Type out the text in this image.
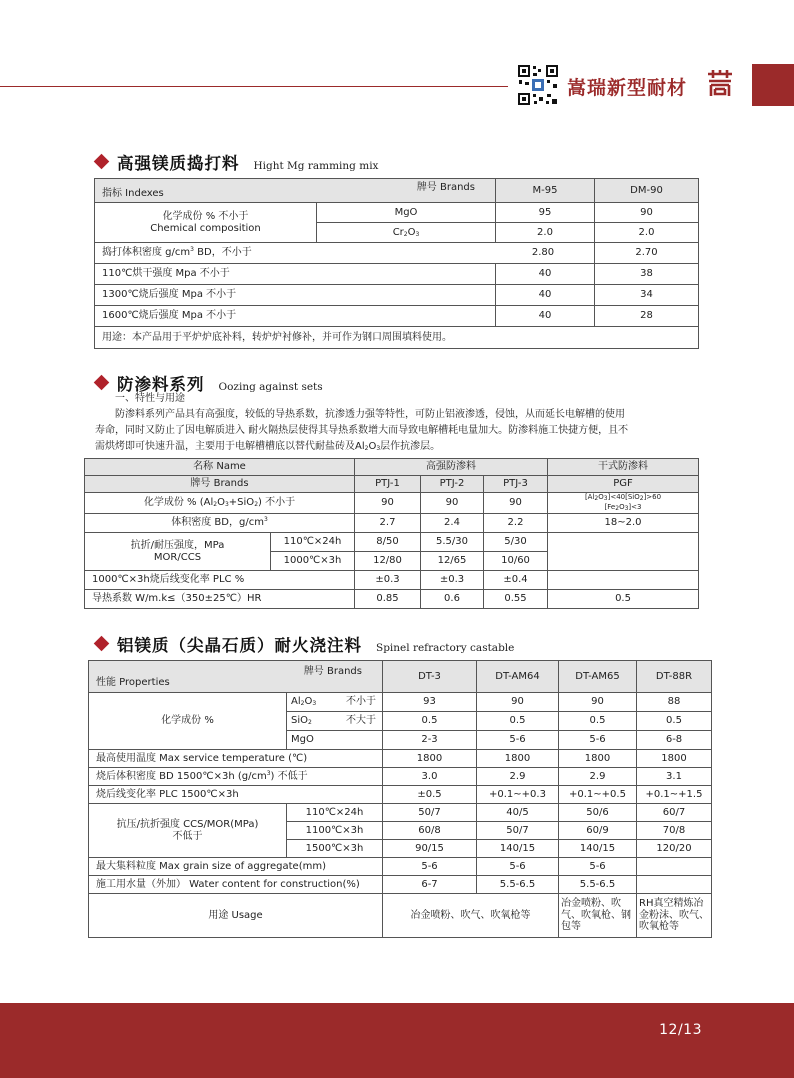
嵩瑞新型耐材
高强镁质捣打料 Hight Mg ramming mix
牌号 Brands
指标 Indexes		M-95	DM-90

化学成份 % 不小于
Chemical composition	MgO	95	90
	Cr2O3	2.0	2.0
捣打体积密度 $g/cm^3$ BD，不小于 2.80			2.70
110℃烘干强度 Mpa 不小于		40	38
1300℃烧后强度 Mpa 不小于		40	34
1600℃烧后强度 Mpa 不小于		40	28
用途：本产品用于平炉炉底补料，转炉炉衬修补，并可作为钢口周围填料使用。			
防渗料系列 Oozing against sets
一、特性与用途

防渗料系列产品具有高强度，较低的导热系数，抗渗透力强等特性，可防止铝液渗透，侵蚀，从而延长电解槽的使用

寿命，同时又防止了因电解质进入 耐火隔热层使得其导热系数增大而导致电解槽耗电量加大。防渗料施工快捷方便，且不
需烘烤即可快速升温，主要用于电解槽槽底以替代耐盐砖及Al2O3层作抗渗层。
名称 Name		高强防渗料			干式防渗料
牌号 Brands		PTJ-1	PTJ-2	PTJ-3	PGF
化学成份 % (Al2O3+SiO2) 不小于		90	90	90	[Al2O3]<40[SiO2]>60
[Fe2O3]<3

体积密度 BD，$g/cm^3$		2.7	2.4	2.2	18~2.0

抗折/耐压强度，MPa
MOR/CCS	110℃×24h	8/50	5.5/30	5/30	
	1000℃×3h	12/80	12/65	10/60	
1000℃×3h烧后线变化率 PLC %		±0.3	±0.3	±0.4	
导热系数 W/m.k≤（350±25℃）HR		0.85	0.6	0.55	0.5
铝镁质（尖晶石质）耐火浇注料 Spinel refractory castable
牌号 Brands
性能 Properties		DT-3	DT-AM64	DT-AM65	DT-88R
化学成份 %	Al2O3 不小于	93	90	90	88
	SiO2 不大于	0.5	0.5	0.5	0.5
	MgO	2-3	5-6	5-6	6-8
最高使用温度 Max service temperature (℃)		1800	1800	1800	1800
烧后体积密度 BD 1500℃×3h $(g/cm^3)$ 不低于		3.0	2.9	2.9	3.1
烧后线变化率 PLC 1500℃×3h		±0.5	+0.1~+0.3	+0.1~+0.5	+0.1~+1.5

抗压/抗折强度 CCS/MOR(MPa)
不低于	110℃×24h	50/7	40/5	50/6	60/7
	1100℃×3h	60/8	50/7	60/9	70/8
	1500℃×3h	90/15	140/15	140/15	120/20
最大集料粒度 Max grain size of aggregate(mm)		5-6	5-6	5-6	
施工用水量（外加） Water content for construction(%)		6-7	5.5-6.5	5.5-6.5	
用途 Usage		冶金喷粉、吹气、吹氧枪等		冶金喷粉、吹气、吹氧枪、钢包等	RH真空精炼冶金粉沫、吹气、吹氧枪等
12/13
